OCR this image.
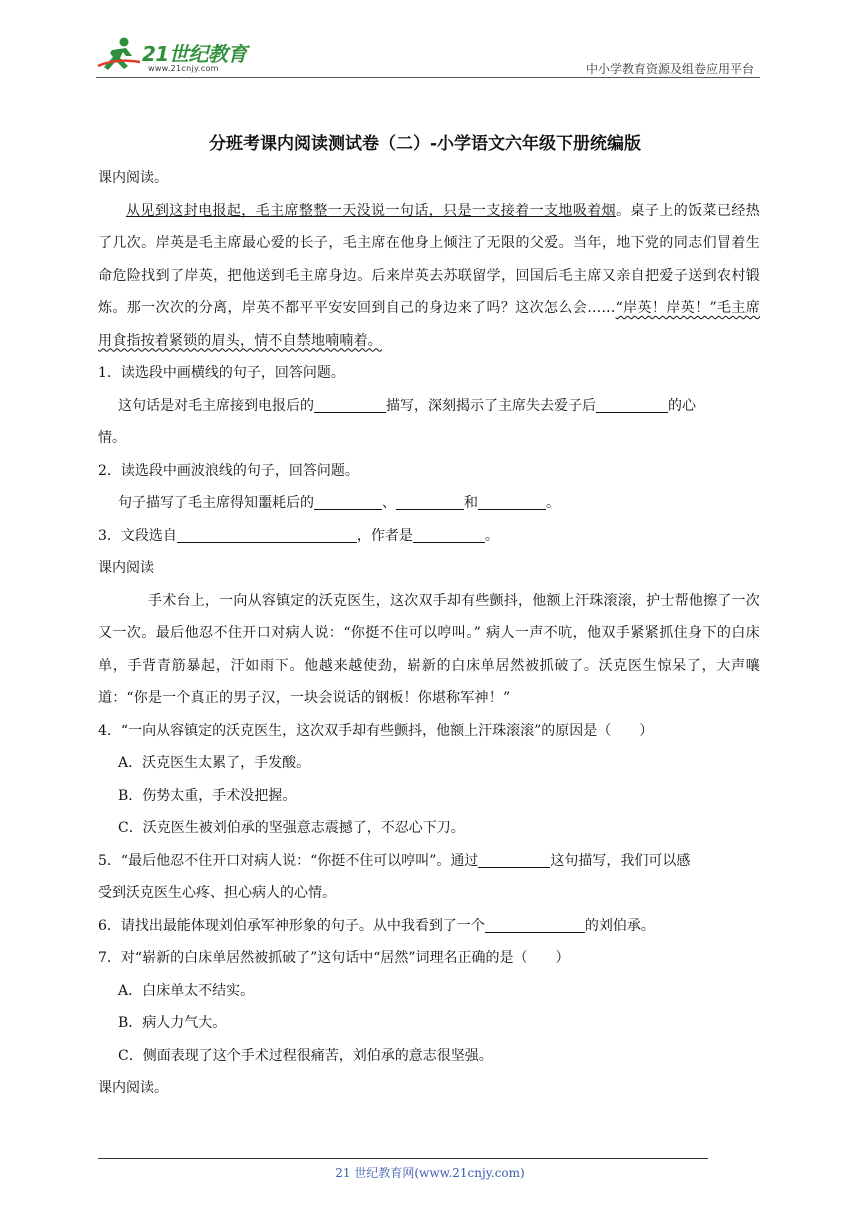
21世纪教育
www.21cnjy.com	中小学教育资源及组卷应用平台
分班考课内阅读测试卷（二）-小学语文六年级下册统编版
课内阅读。
从见到这封电报起，毛主席整整一天没说一句话，只是一支接着一支地吸着烟。桌子上的饭菜已经热了几次。岸英是毛主席最心爱的长子，毛主席在他身上倾注了无限的父爱。当年，地下党的同志们冒着生命危险找到了岸英，把他送到毛主席身边。后来岸英去苏联留学，回国后毛主席又亲自把爱子送到农村锻炼。那一次次的分离，岸英不都平平安安回到自己的身边来了吗？这次怎么会……“岸英！岸英！”毛主席用食指按着紧锁的眉头，情不自禁地喃喃着。
1．读选段中画横线的句子，回答问题。
这句话是对毛主席接到电报后的	描写，深刻揭示了主席失去爱子后	的心
情。
2．读选段中画波浪线的句子，回答问题。
句子描写了毛主席得知噩耗后的	、	和	。
3．文段选自	，作者是	。
课内阅读
手术台上，一向从容镇定的沃克医生，这次双手却有些颤抖，他额上汗珠滚滚，护士帮他擦了一次又一次。最后他忍不住开口对病人说：“你挺不住可以哼叫。” 病人一声不吭，他双手紧紧抓住身下的白床单，手背青筋暴起，汗如雨下。他越来越使劲，崭新的白床单居然被抓破了。沃克医生惊呆了，大声嚷道：“你是一个真正的男子汉，一块会说话的钢板！你堪称军神！”
4．“一向从容镇定的沃克医生，这次双手却有些颤抖，他额上汗珠滚滚”的原因是（　　）
A．沃克医生太累了，手发酸。
B．伤势太重，手术没把握。
C．沃克医生被刘伯承的坚强意志震撼了，不忍心下刀。
5．“最后他忍不住开口对病人说：“你挺不住可以哼叫”。通过	这句描写，我们可以感
受到沃克医生心疼、担心病人的心情。
6．请找出最能体现刘伯承军神形象的句子。从中我看到了一个	的刘伯承。
7．对“崭新的白床单居然被抓破了”这句话中“居然”词理名正确的是（　　）
A．白床单太不结实。
B．病人力气大。
C．侧面表现了这个手术过程很痛苦，刘伯承的意志很坚强。
课内阅读。
21 世纪教育网(www.21cnjy.com)
